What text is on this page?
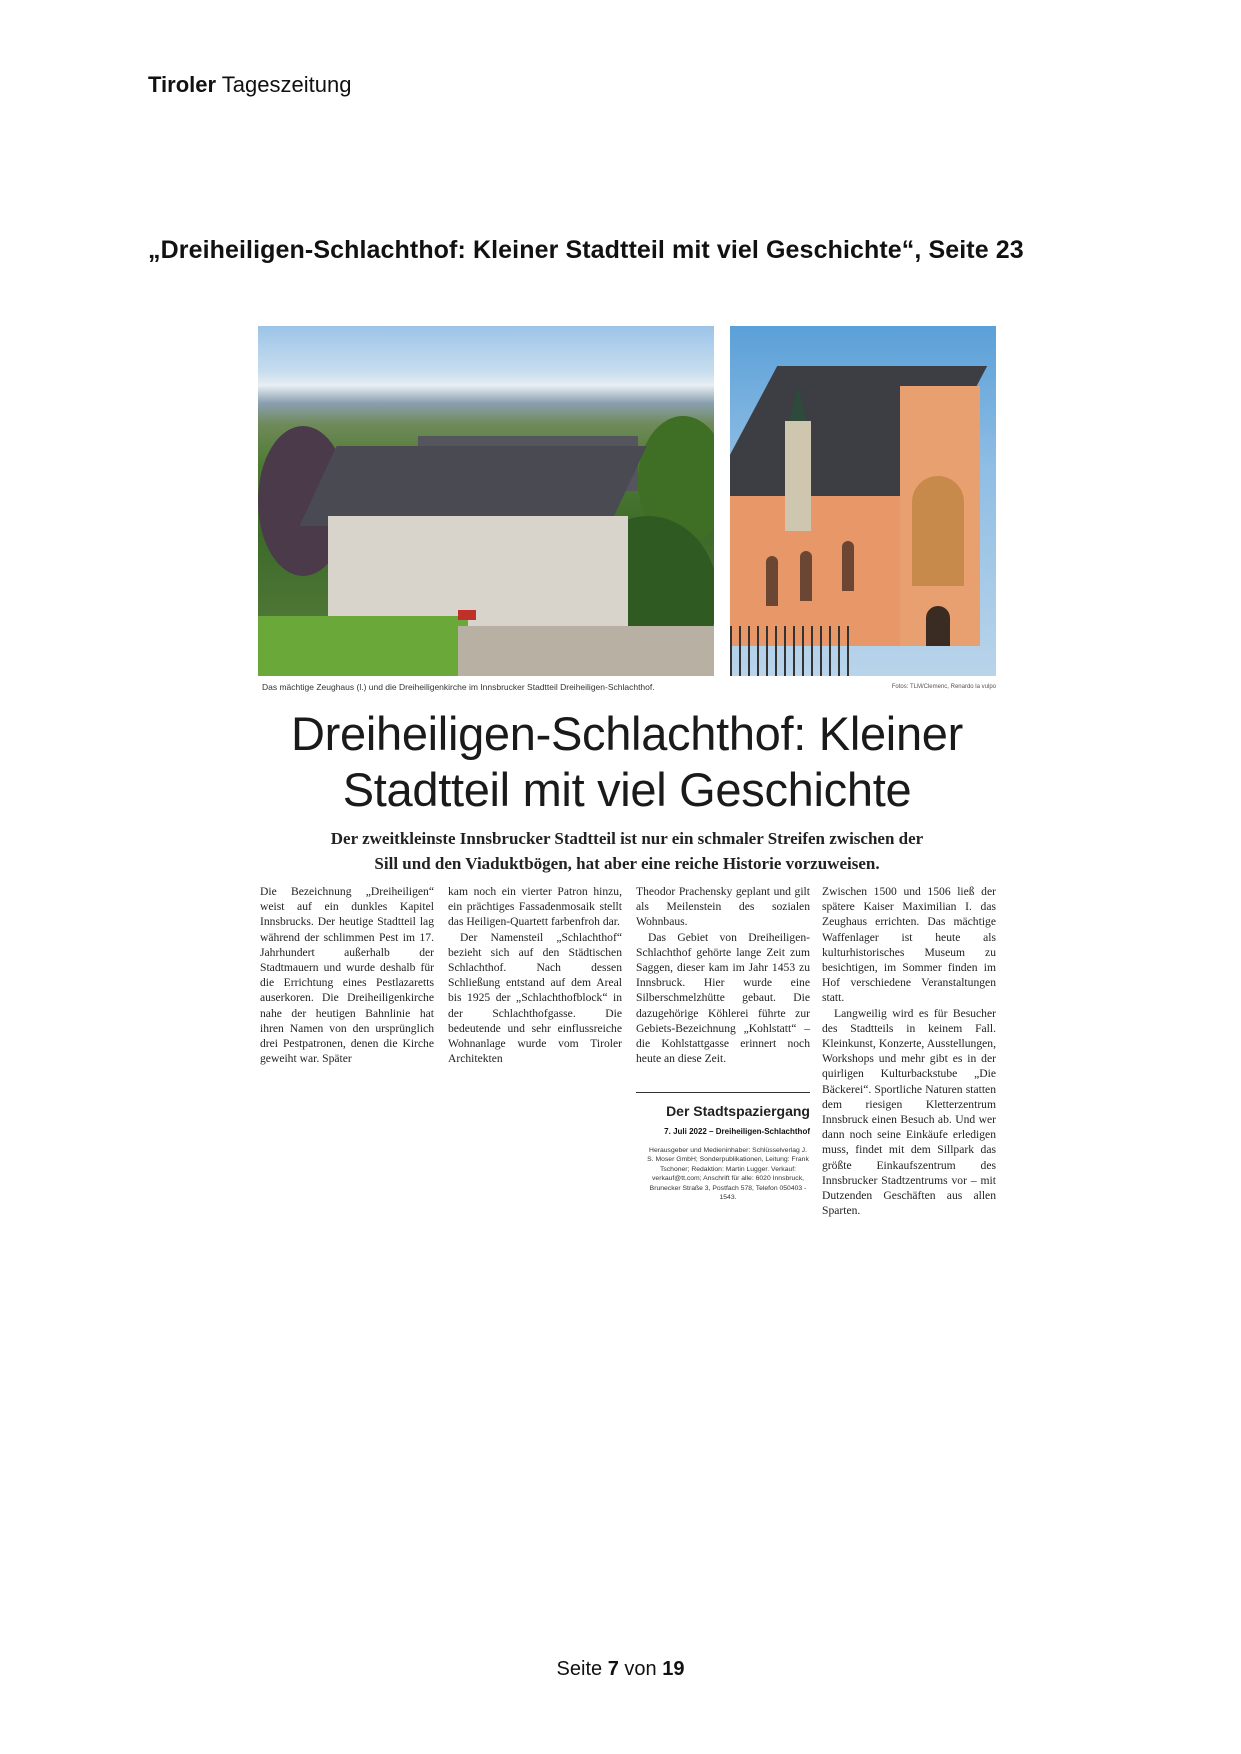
Tiroler Tageszeitung
„Dreiheiligen-Schlachthof: Kleiner Stadtteil mit viel Geschichte“, Seite 23
Das mächtige Zeughaus (l.) und die Dreiheiligenkirche im Innsbrucker Stadtteil Dreiheiligen-Schlachthof.	Fotos: TLM/Clemenc, Renardo la vulpo
Dreiheiligen-Schlachthof: Kleiner
Stadtteil mit viel Geschichte
Der zweitkleinste Innsbrucker Stadtteil ist nur ein schmaler Streifen zwischen der
Sill und den Viaduktbögen, hat aber eine reiche Historie vorzuweisen.

Die Bezeichnung „Dreiheiligen“ weist auf ein dunkles Kapitel Innsbrucks. Der heutige Stadtteil lag während der schlimmen Pest im 17. Jahrhundert außerhalb der Stadtmauern und wurde deshalb für die Errichtung eines Pestlazaretts auserkoren. Die Dreiheiligenkirche nahe der heutigen Bahnlinie hat ihren Namen von den ursprünglich drei Pestpatronen, denen die Kirche geweiht war. Später

kam noch ein vierter Patron hinzu, ein prächtiges Fassadenmosaik stellt das Heiligen-Quartett farbenfroh dar.

Der Namensteil „Schlachthof“ bezieht sich auf den Städtischen Schlachthof. Nach dessen Schließung entstand auf dem Areal bis 1925 der „Schlachthofblock“ in der Schlachthofgasse. Die bedeutende und sehr einflussreiche Wohnanlage wurde vom Tiroler Architekten

Theodor Prachensky geplant und gilt als Meilenstein des sozialen Wohnbaus.

Das Gebiet von Dreiheiligen-Schlachthof gehörte lange Zeit zum Saggen, dieser kam im Jahr 1453 zu Innsbruck. Hier wurde eine Silberschmelzhütte gebaut. Die dazugehörige Köhlerei führte zur Gebiets-Bezeichnung „Kohlstatt“ – die Kohlstattgasse erinnert noch heute an diese Zeit.

Der Stadtspaziergang
7. Juli 2022 – Dreiheiligen-Schlachthof
Herausgeber und Medieninhaber: Schlüsselverlag J. S. Moser GmbH; Sonderpublikationen, Leitung: Frank Tschoner; Redaktion: Martin Lugger. Verkauf: verkauf@tt.com; Anschrift für alle: 6020 Innsbruck, Brunecker Straße 3, Postfach 578, Telefon 050403 - 1543.

Zwischen 1500 und 1506 ließ der spätere Kaiser Maximilian I. das Zeughaus errichten. Das mächtige Waffenlager ist heute als kulturhistorisches Museum zu besichtigen, im Sommer finden im Hof verschiedene Veranstaltungen statt.

Langweilig wird es für Besucher des Stadtteils in keinem Fall. Kleinkunst, Konzerte, Ausstellungen, Workshops und mehr gibt es in der quirligen Kulturbackstube „Die Bäckerei“. Sportliche Naturen statten dem riesigen Kletterzentrum Innsbruck einen Besuch ab. Und wer dann noch seine Einkäufe erledigen muss, findet mit dem Sillpark das größte Einkaufszentrum des Innsbrucker Stadtzentrums vor – mit Dutzenden Geschäften aus allen Sparten.

Seite 7 von 19
